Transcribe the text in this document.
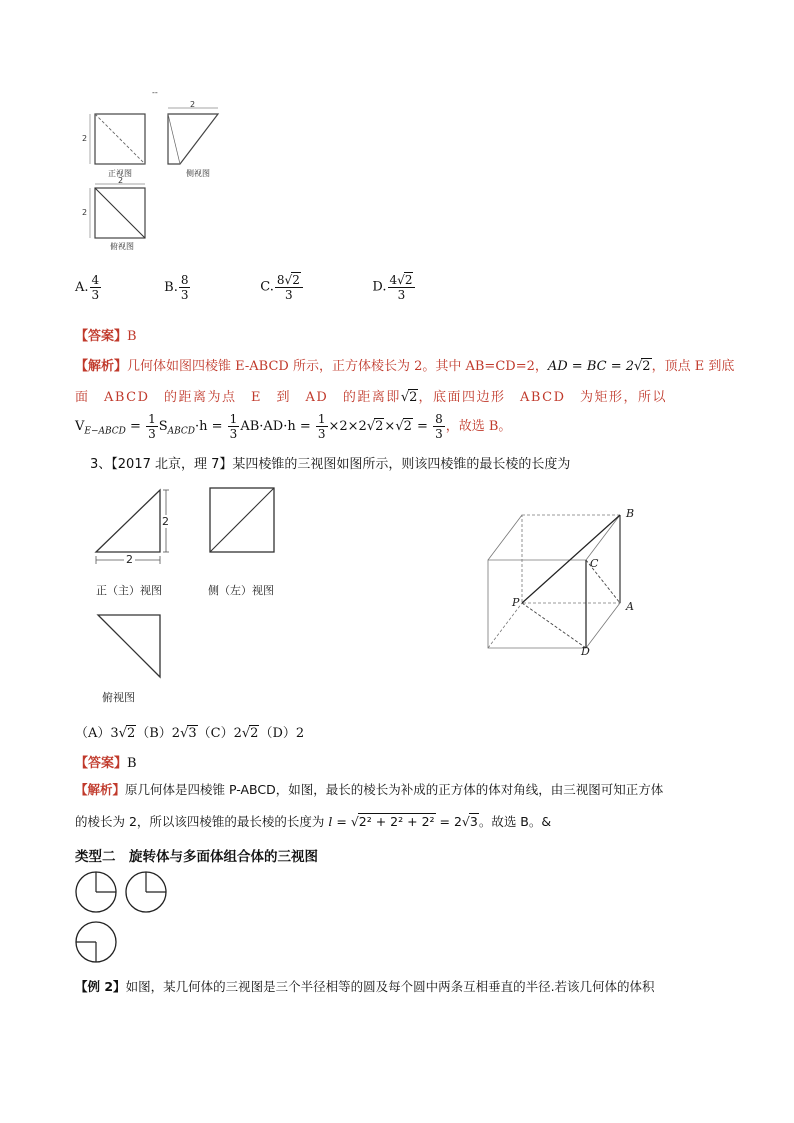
--
2
2
正视图	侧视图
2
2
俯视图
A. $\frac{4}{3}$	B. $\frac{8}{3}$	C. $\frac{8√2}{3}$	D. $\frac{4√2}{3}$
【答案】B
【解析】几何体如图四棱锥 E-ABCD 所示，正方体棱长为 2。其中 AB=CD=2，AD = BC = 2√2，顶点 E 到底
面　ABCD　的距离为点　E　到　AD　的距离即√2，底面四边形　ABCD　为矩形，所以
$V_{E-ABCD} = \frac{1}{3} S_{ABCD}\cdot h = \frac{1}{3} AB\cdot AD\cdot h = \frac{1}{3} \times 2\times 2√2\times√2 = \frac{8}{3}$ ，故选 B。
3、【2017 北京，理 7】某四棱锥的三视图如图所示，则该四棱锥的最长棱的长度为
2
2
正（主）视图	侧（左）视图
俯视图
B
C
P	A
D
（A）3√2（B）2√3（C）2√2（D）2
【答案】B
【解析】原几何体是四棱锥 P-ABCD，如图，最长的棱长为补成的正方体的体对角线，由三视图可知正方体
的棱长为 2，所以该四棱锥的最长棱的长度为 l = √2² + 2² + 2² = 2√3。故选 B。&
类型二　旋转体与多面体组合体的三视图
【例 2】如图，某几何体的三视图是三个半径相等的圆及每个圆中两条互相垂直的半径.若该几何体的体积
